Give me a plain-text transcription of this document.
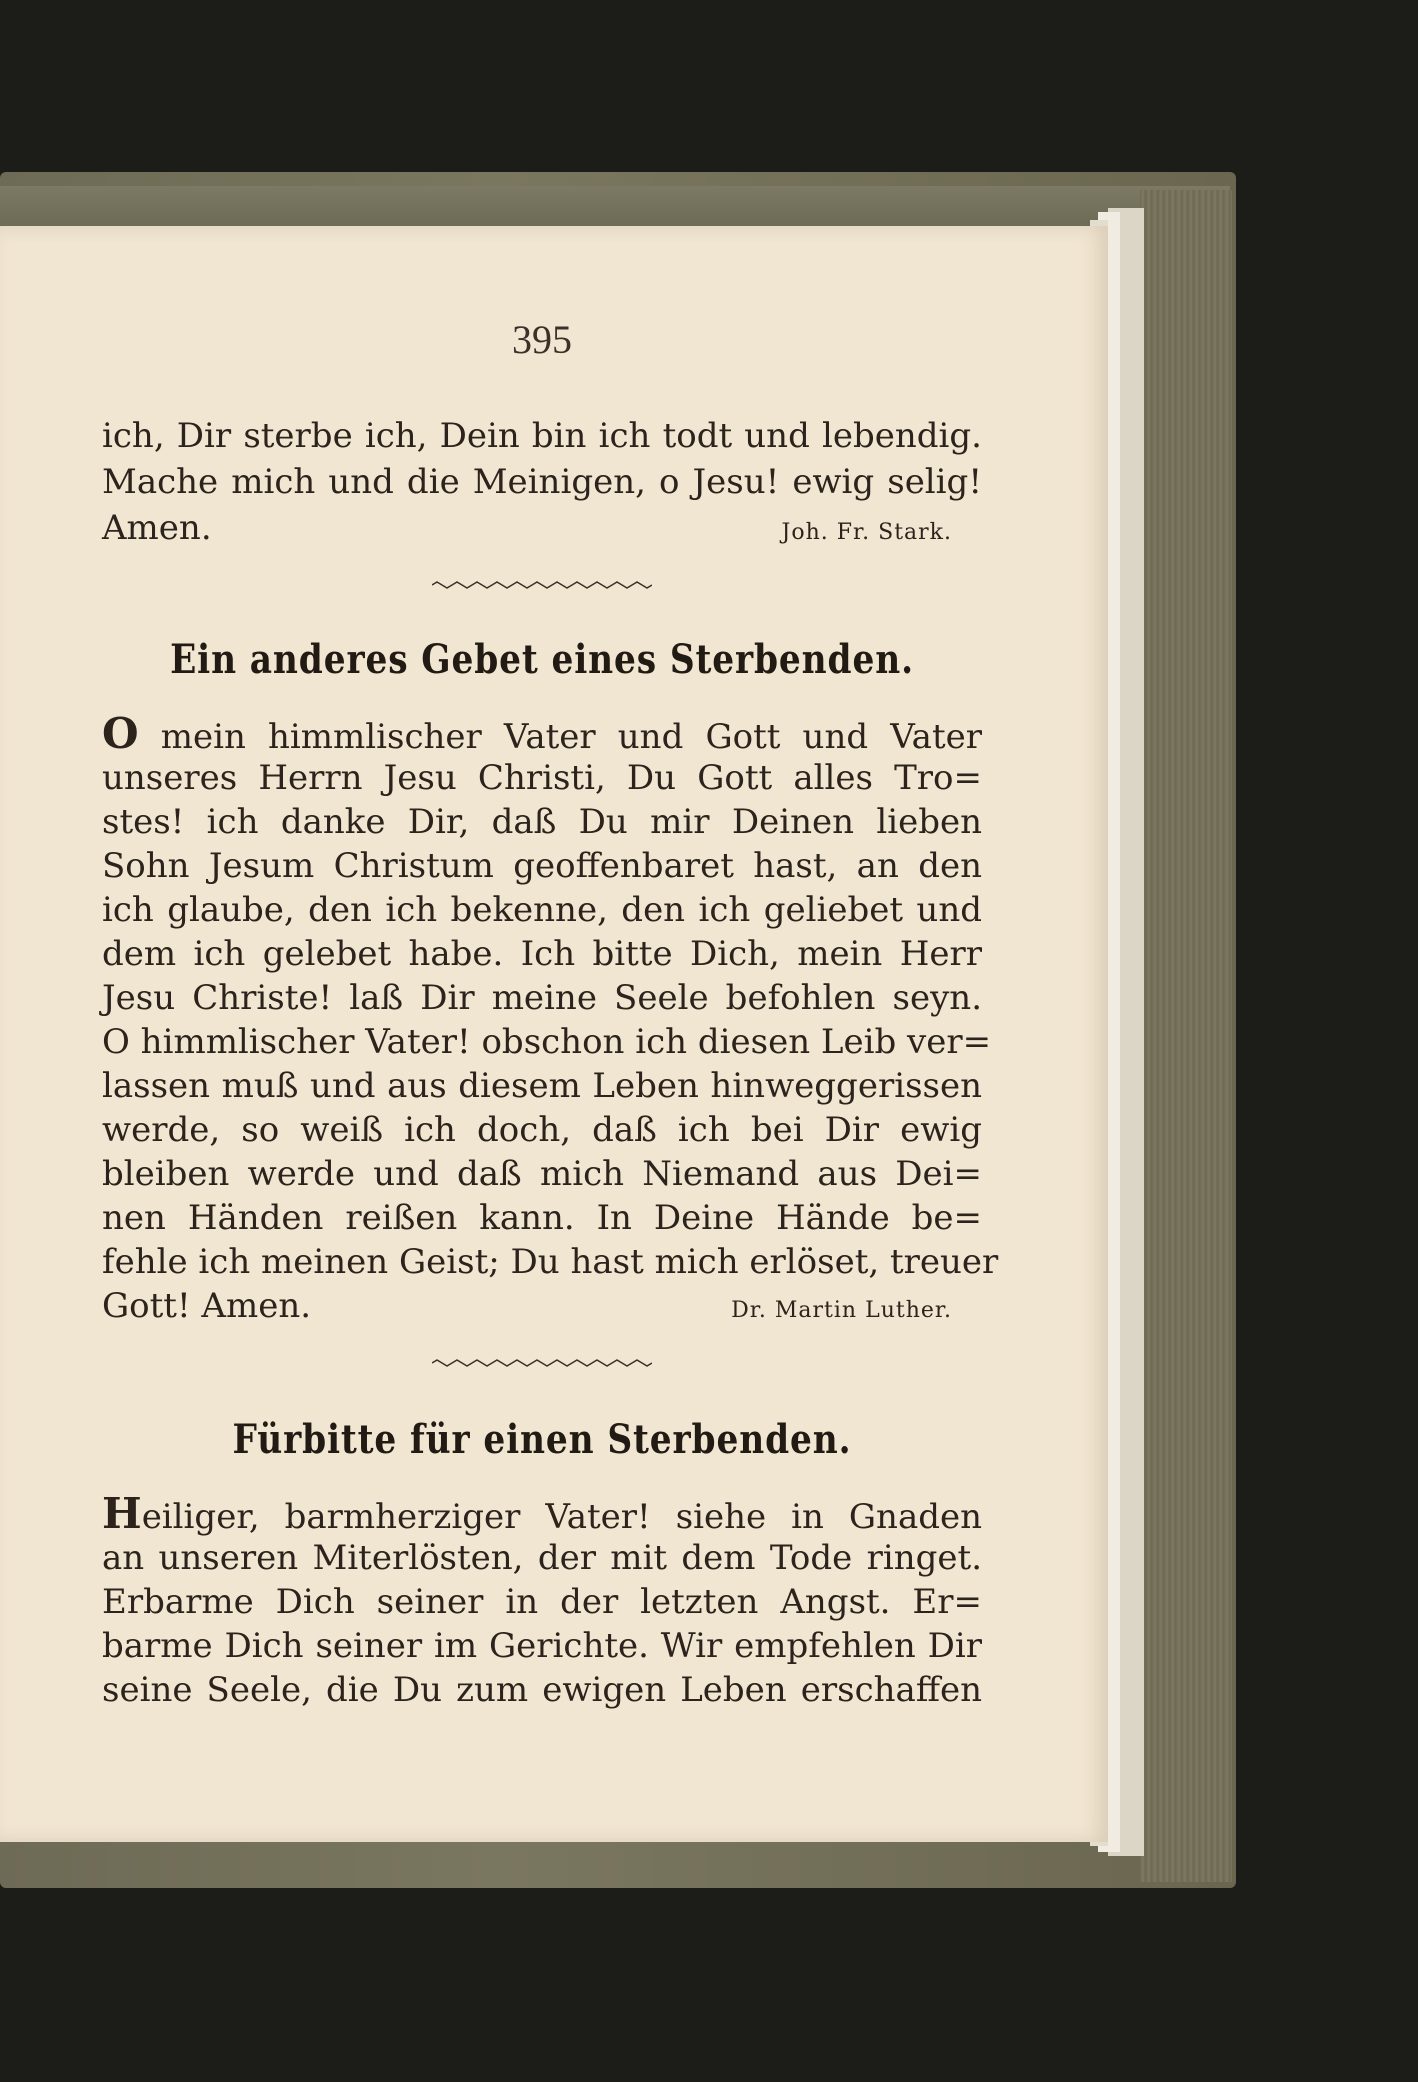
395
ich, Dir sterbe ich, Dein bin ich todt und lebendig.
Mache mich und die Meinigen, o Jesu! ewig selig!
Amen.	Joh. Fr. Stark.
Ein anderes Gebet eines Sterbenden.
O mein himmlischer Vater und Gott und Vater
unseres Herrn Jesu Christi, Du Gott alles Tro=
stes! ich danke Dir, daß Du mir Deinen lieben
Sohn Jesum Christum geoffenbaret hast, an den
ich glaube, den ich bekenne, den ich geliebet und
dem ich gelebet habe. Ich bitte Dich, mein Herr
Jesu Christe! laß Dir meine Seele befohlen seyn.
O himmlischer Vater! obschon ich diesen Leib ver=
lassen muß und aus diesem Leben hinweggerissen
werde, so weiß ich doch, daß ich bei Dir ewig
bleiben werde und daß mich Niemand aus Dei=
nen Händen reißen kann. In Deine Hände be=
fehle ich meinen Geist; Du hast mich erlöset, treuer
Gott! Amen.	Dr. Martin Luther.
Fürbitte für einen Sterbenden.
Heiliger, barmherziger Vater! siehe in Gnaden
an unseren Miterlösten, der mit dem Tode ringet.
Erbarme Dich seiner in der letzten Angst. Er=
barme Dich seiner im Gerichte. Wir empfehlen Dir
seine Seele, die Du zum ewigen Leben erschaffen
